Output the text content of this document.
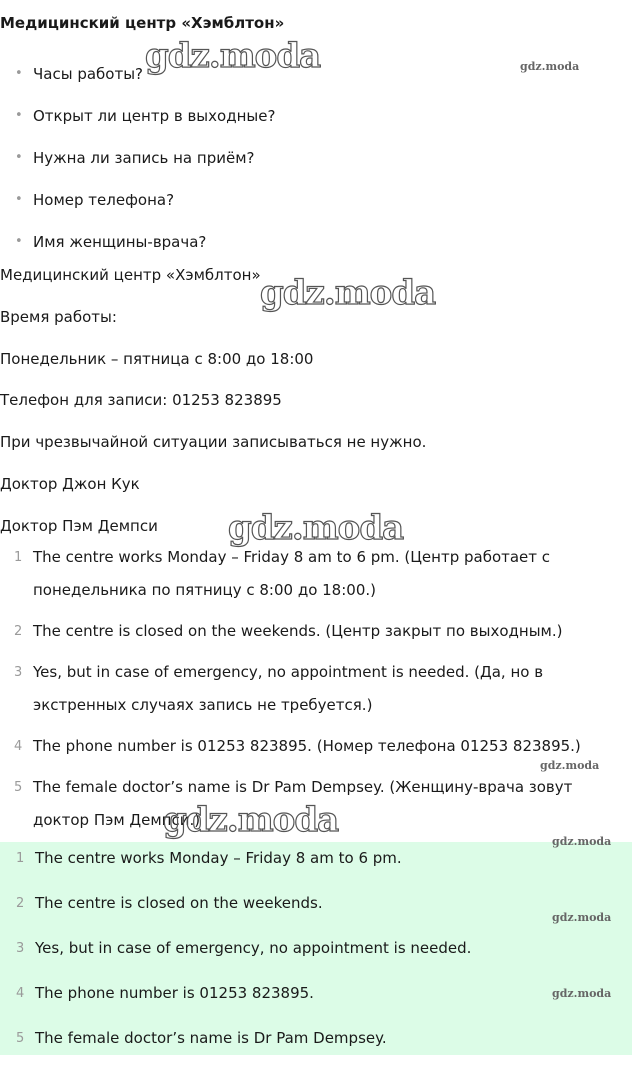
Медицинский центр «Хэмблтон»
• Часы работы?
• Открыт ли центр в выходные?
• Нужна ли запись на приём?
• Номер телефона?
• Имя женщины-врача?
Медицинский центр «Хэмблтон»
Время работы:
Понедельник – пятница с 8:00 до 18:00
Телефон для записи: 01253 823895
При чрезвычайной ситуации записываться не нужно.
Доктор Джон Кук
Доктор Пэм Демпси
1 The centre works Monday – Friday 8 am to 6 pm. (Центр работает с понедельника по пятницу с 8:00 до 18:00.)
2 The centre is closed on the weekends. (Центр закрыт по выходным.)
3 Yes, but in case of emergency, no appointment is needed. (Да, но в экстренных случаях запись не требуется.)
4 The phone number is 01253 823895. (Номер телефона 01253 823895.)
5 The female doctor’s name is Dr Pam Dempsey. (Женщину-врача зовут доктор Пэм Демпси.)
1 The centre works Monday – Friday 8 am to 6 pm.
2 The centre is closed on the weekends.
3 Yes, but in case of emergency, no appointment is needed.
4 The phone number is 01253 823895.
5 The female doctor’s name is Dr Pam Dempsey.
gdz.moda	gdz.moda
gdz.moda
gdz.moda
gdz.moda
gdz.moda
gdz.moda
gdz.moda
gdz.moda
